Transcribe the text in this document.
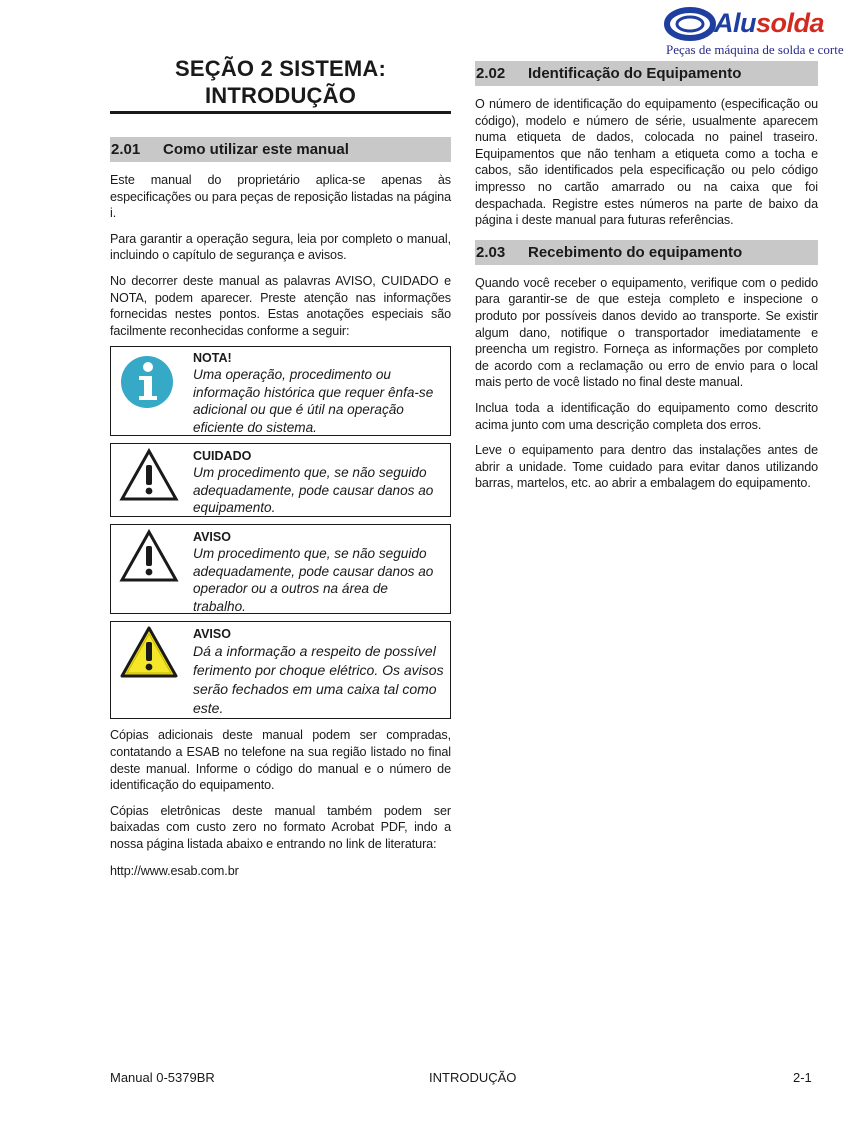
Alusolda
Peças de máquina de solda e corte
SEÇÃO 2 SISTEMA:
INTRODUÇÃO
2.01	Como utilizar este manual

Este manual do proprietário aplica-se apenas às especificações ou para peças de reposição listadas na página i.

Para garantir a operação segura, leia por completo o manual, incluindo o capítulo de segurança e avisos.

No decorrer deste manual as palavras AVISO, CUIDADO e NOTA, podem aparecer. Preste atenção nas informações fornecidas nestes pontos. Estas anotações especiais são facilmente reconhecidas conforme a seguir:

NOTA!
Uma operação, procedimento ou informação histórica que requer ênfa-se adicional ou que é útil na operação eficiente do sistema.
CUIDADO
Um procedimento que, se não seguido adequadamente, pode causar danos ao equipamento.
AVISO
Um procedimento que, se não seguido adequadamente, pode causar danos ao operador ou a outros na área de trabalho.
AVISO
Dá a informação a respeito de possível ferimento por choque elétrico. Os avisos serão fechados em uma caixa tal como este.

Cópias adicionais deste manual podem ser compradas, contatando a ESAB no telefone na sua região listado no final deste manual. Informe o código do manual e o número de identificação do equipamento.

Cópias eletrônicas deste manual também podem ser baixadas com custo zero no formato Acrobat PDF, indo a nossa página listada abaixo e entrando no link de literatura:

http://www.esab.com.br

2.02	Identificação do Equipamento

O número de identificação do equipamento (especificação ou código), modelo e número de série, usualmente aparecem numa etiqueta de dados, colocada no painel traseiro. Equipamentos que não tenham a etiqueta como a tocha e cabos, são identificados pela especificação ou pelo código impresso no cartão amarrado ou na caixa que foi despachada. Registre estes números na parte de baixo da página i deste manual para futuras referências.

2.03	Recebimento do equipamento

Quando você receber o equipamento, verifique com o pedido para garantir-se de que esteja completo e inspecione o produto por possíveis danos devido ao transporte. Se existir algum dano, notifique o transportador imediatamente e preencha um registro. Forneça as informações por completo de acordo com a reclamação ou erro de envio para o local mais perto de você listado no final deste manual.

Inclua toda a identificação do equipamento como descrito acima junto com uma descrição completa dos erros.

Leve o equipamento para dentro das instalações antes de abrir a unidade. Tome cuidado para evitar danos utilizando barras, martelos, etc. ao abrir a embalagem do equipamento.

Manual 0-5379BR	INTRODUÇÃO	2-1
